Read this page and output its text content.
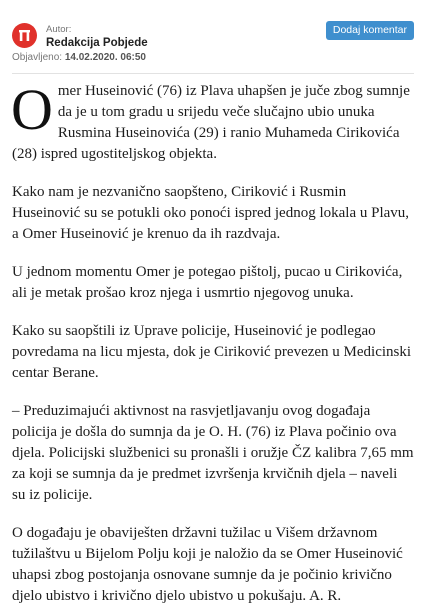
Autor:
Redakcija Pobjede
Dodaj komentar
Objavljeno: 14.02.2020. 06:50

Omer Huseinović (76) iz Plava uhapšen je juče zbog sumnje da je u tom gradu u srijedu veče slučajno ubio unuka Rusmina Huseinovića (29) i ranio Muhameda Cirikovića (28) ispred ugostiteljskog objekta.

Kako nam je nezvanično saopšteno, Ciriković i Rusmin Huseinović su se potukli oko ponoći ispred jednog lokala u Plavu, a Omer Huseinović je krenuo da ih razdvaja.

U jednom momentu Omer je potegao pištolj, pucao u Cirikovića, ali je metak prošao kroz njega i usmrtio njegovog unuka.

Kako su saopštili iz Uprave policije, Huseinović je podlegao povredama na licu mjesta, dok je Ciriković prevezen u Medicinski centar Berane.

– Preduzimajući aktivnost na rasvjetljavanju ovog događaja policija je došla do sumnja da je O. H. (76) iz Plava počinio ova djela. Policijski službenici su pronašli i oružje ČZ kalibra 7,65 mm za koji se sumnja da je predmet izvršenja krvičnih djela – naveli su iz policije.

O događaju je obaviješten državni tužilac u Višem državnom tužilaštvu u Bijelom Polju koji je naložio da se Omer Huseinović uhapsi zbog postojanja osnovane sumnje da je počinio krivično djelo ubistvo i krivično djelo ubistvo u pokušaju. A. R.
